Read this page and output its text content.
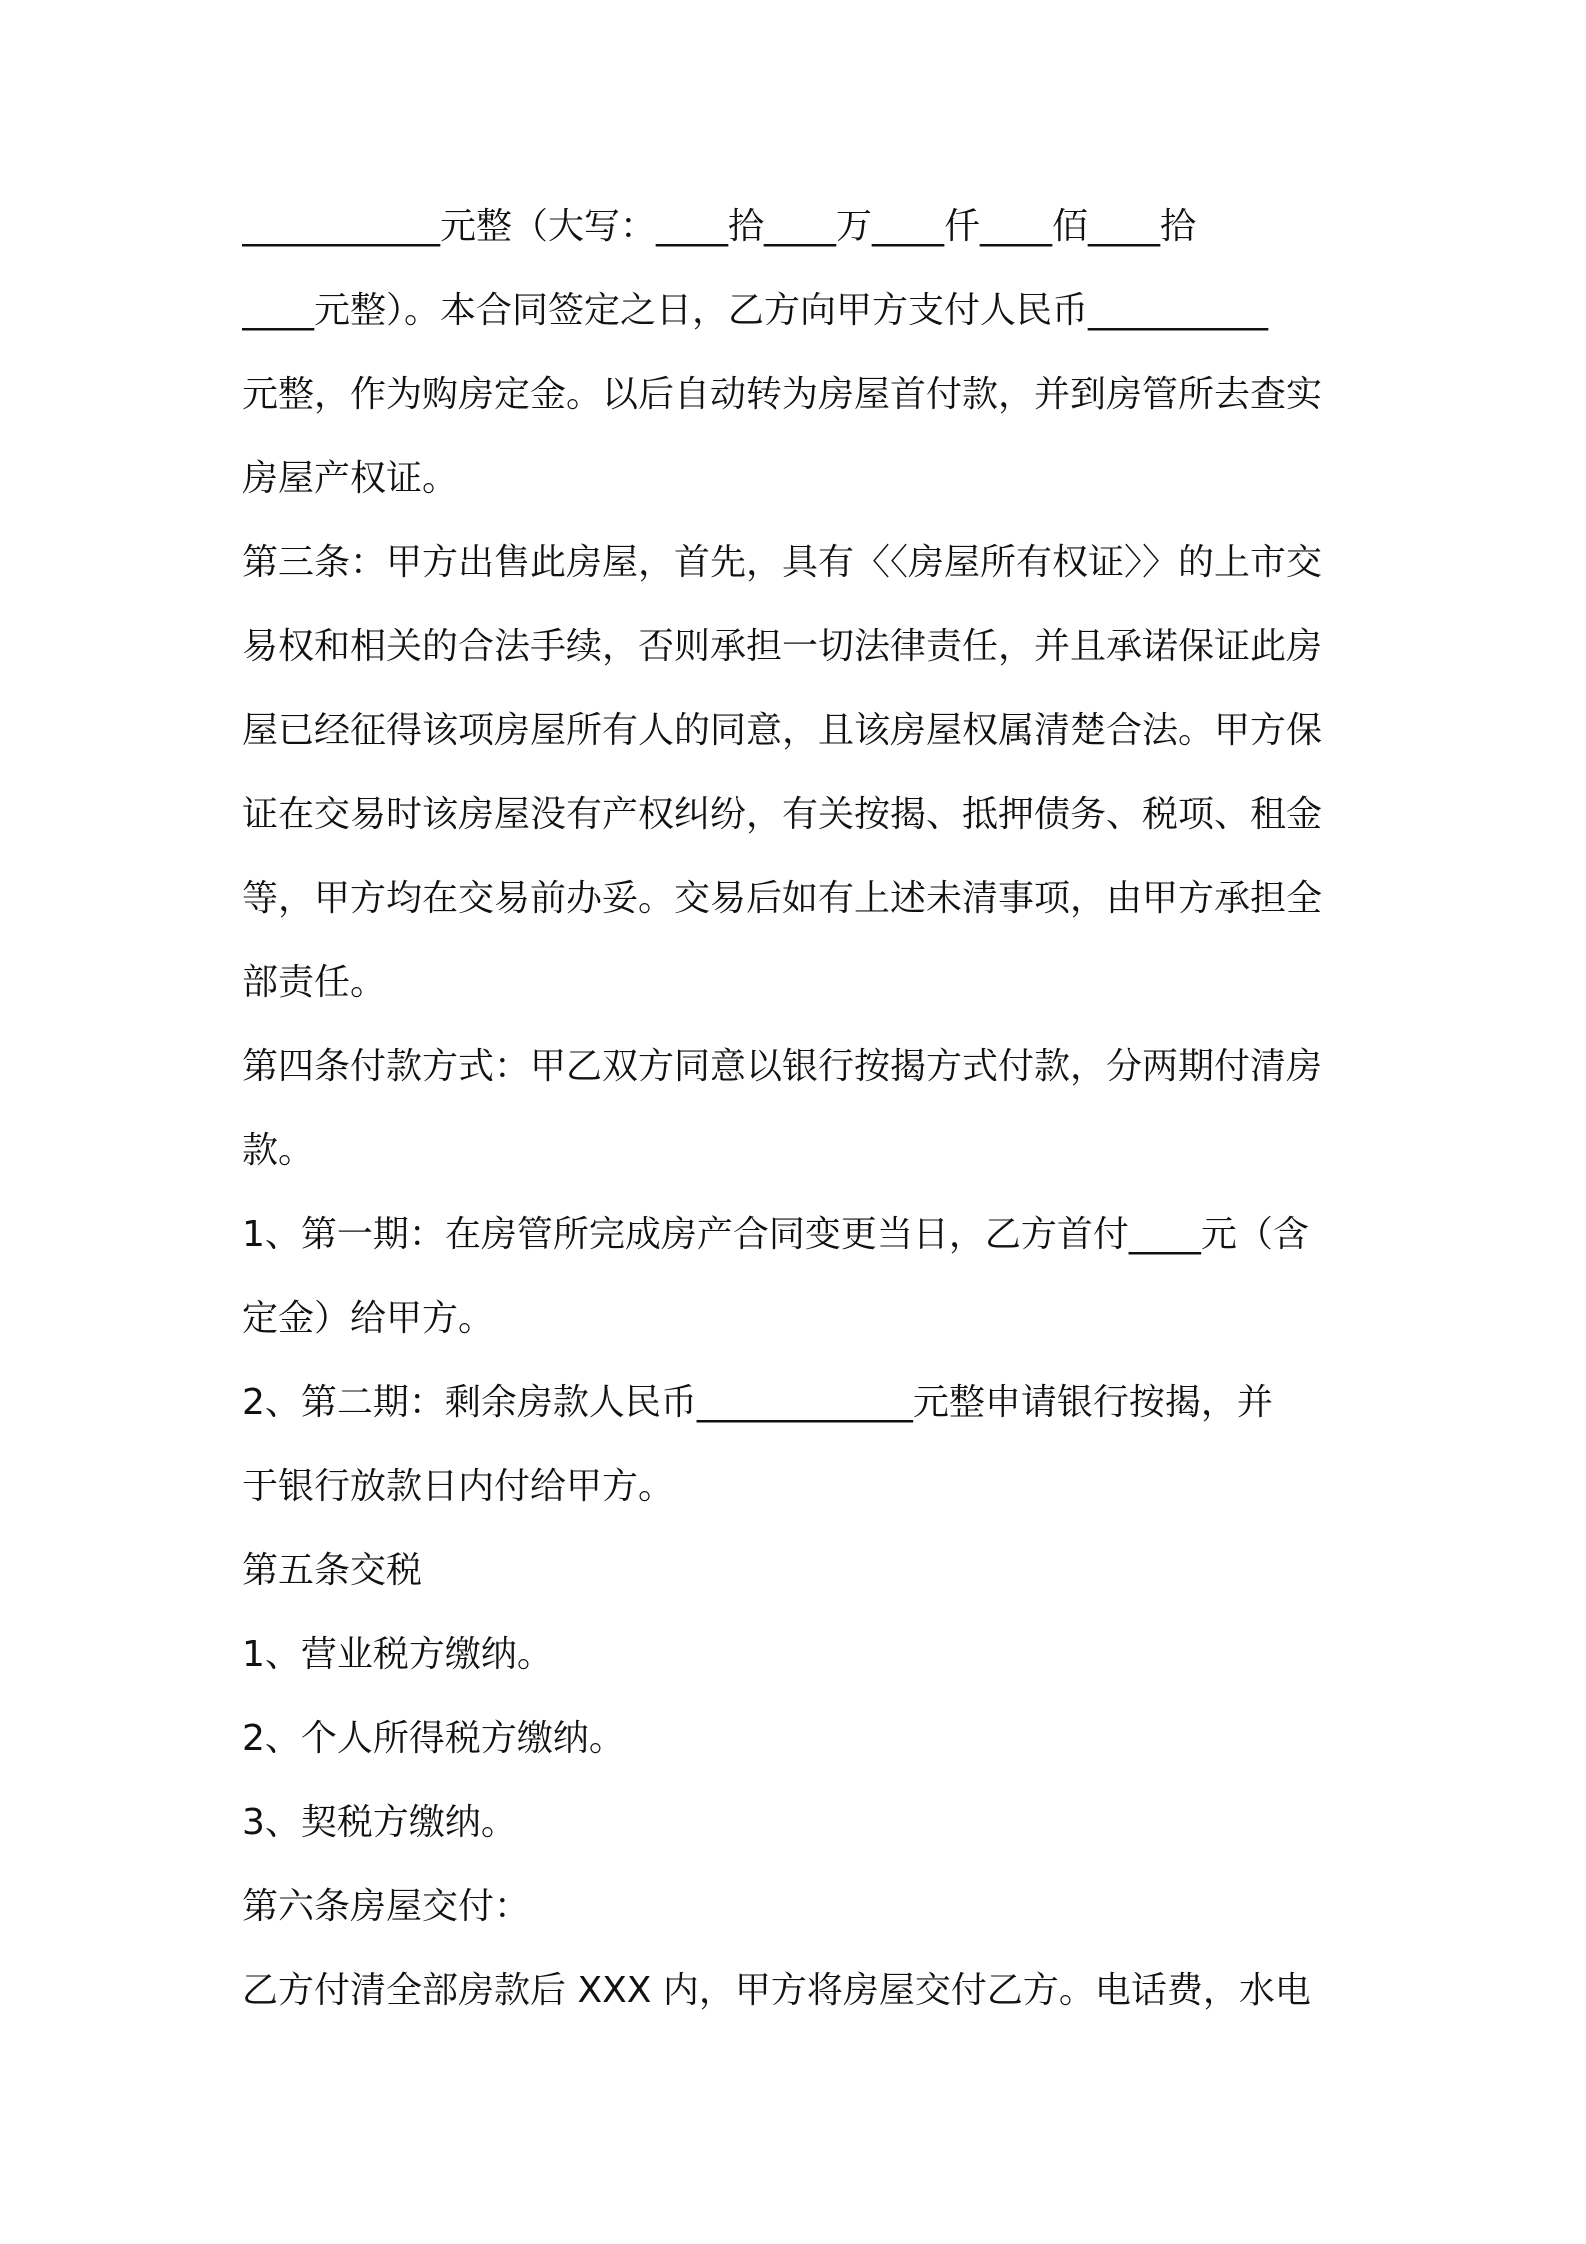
___________元整（大写：____拾____万____仟____佰____拾
____元整）。本合同签定之日，乙方向甲方支付人民币__________
元整，作为购房定金。以后自动转为房屋首付款，并到房管所去查实
房屋产权证。
第三条：甲方出售此房屋，首先，具有〈〈房屋所有权证〉〉的上市交
易权和相关的合法手续，否则承担一切法律责任，并且承诺保证此房
屋已经征得该项房屋所有人的同意，且该房屋权属清楚合法。甲方保
证在交易时该房屋没有产权纠纷，有关按揭、抵押债务、税项、租金
等，甲方均在交易前办妥。交易后如有上述未清事项，由甲方承担全
部责任。
第四条付款方式：甲乙双方同意以银行按揭方式付款，分两期付清房
款。
1、第一期：在房管所完成房产合同变更当日，乙方首付____元（含
定金）给甲方。
2、第二期：剩余房款人民币____________元整申请银行按揭，并
于银行放款日内付给甲方。
第五条交税
1、营业税方缴纳。
2、个人所得税方缴纳。
3、契税方缴纳。
第六条房屋交付：
乙方付清全部房款后 XXX 内，甲方将房屋交付乙方。电话费，水电
